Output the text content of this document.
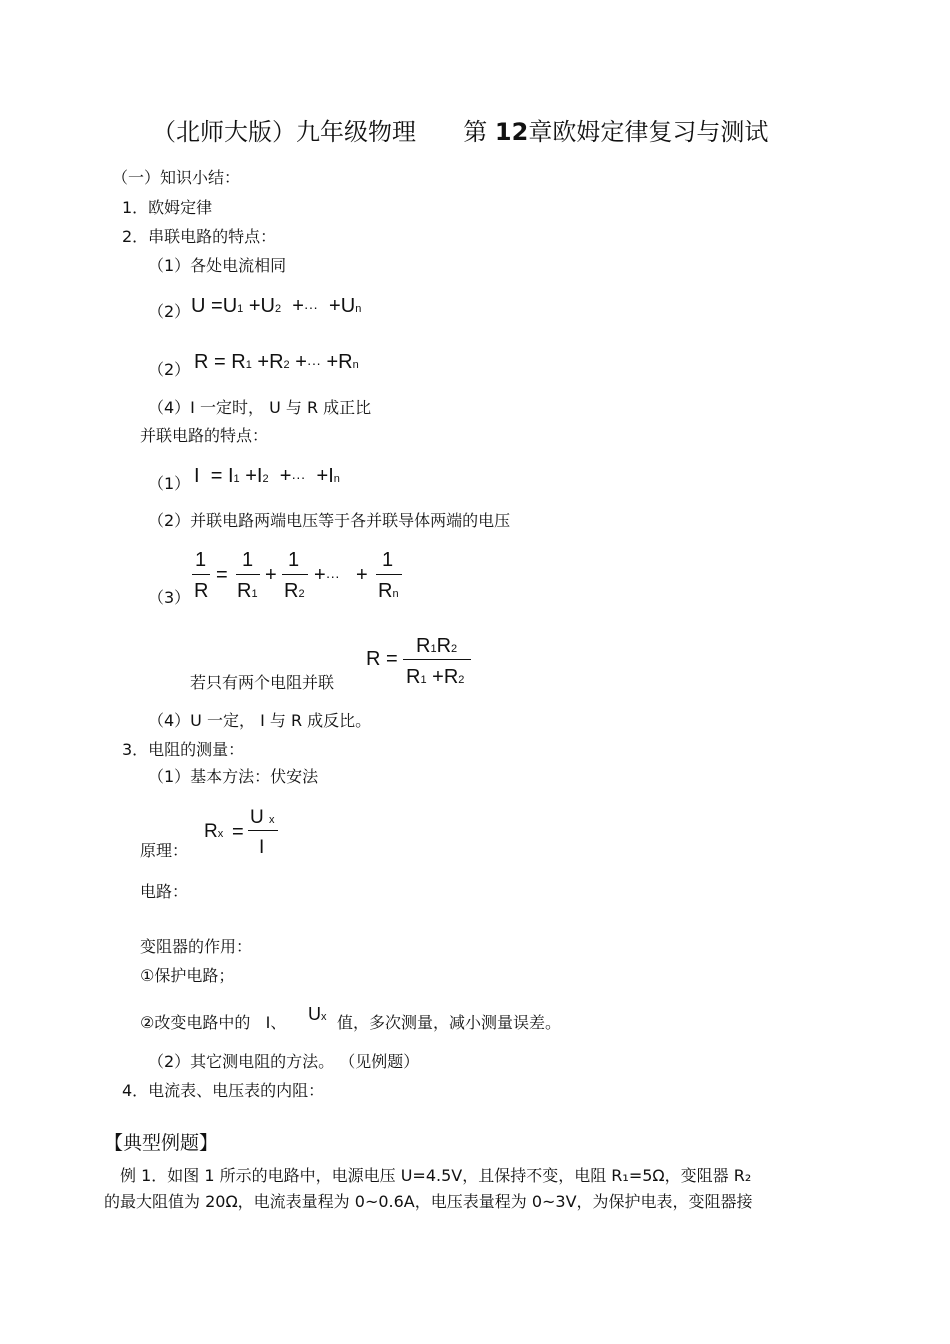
（北师大版）九年级物理 第 12章欧姆定律复习与测试
（一）知识小结：
1．欧姆定律
2．串联电路的特点：
（1）各处电流相同
（2） U =U1 +U2 +··· +Un
（2） R = R1 +R2 +··· +Rn
（4）I 一定时， U 与 R 成正比
并联电路的特点：
（1） I = I1 +I2 +··· +In
（2）并联电路两端电压等于各并联导体两端的电压
（3）
1
R
=
1
R1
+
1
R2
+··· +
1
Rn
若只有两个电阻并联
R =
R1R2
R1 +R2
（4）U 一定， I 与 R 成反比。
3．电阻的测量：
（1）基本方法：伏安法
原理：
Rx =
U x
I
电路：
变阻器的作用：
①保护电路；
②改变电路中的 I、 Ux 值，多次测量，减小测量误差。
（2）其它测电阻的方法。 （见例题）
4．电流表、电压表的内阻：
【典型例题】
例 1．如图 1 所示的电路中，电源电压 U=4.5V，且保持不变，电阻 R₁=5Ω，变阻器 R₂
的最大阻值为 20Ω，电流表量程为 0~0.6A，电压表量程为 0~3V，为保护电表，变阻器接
